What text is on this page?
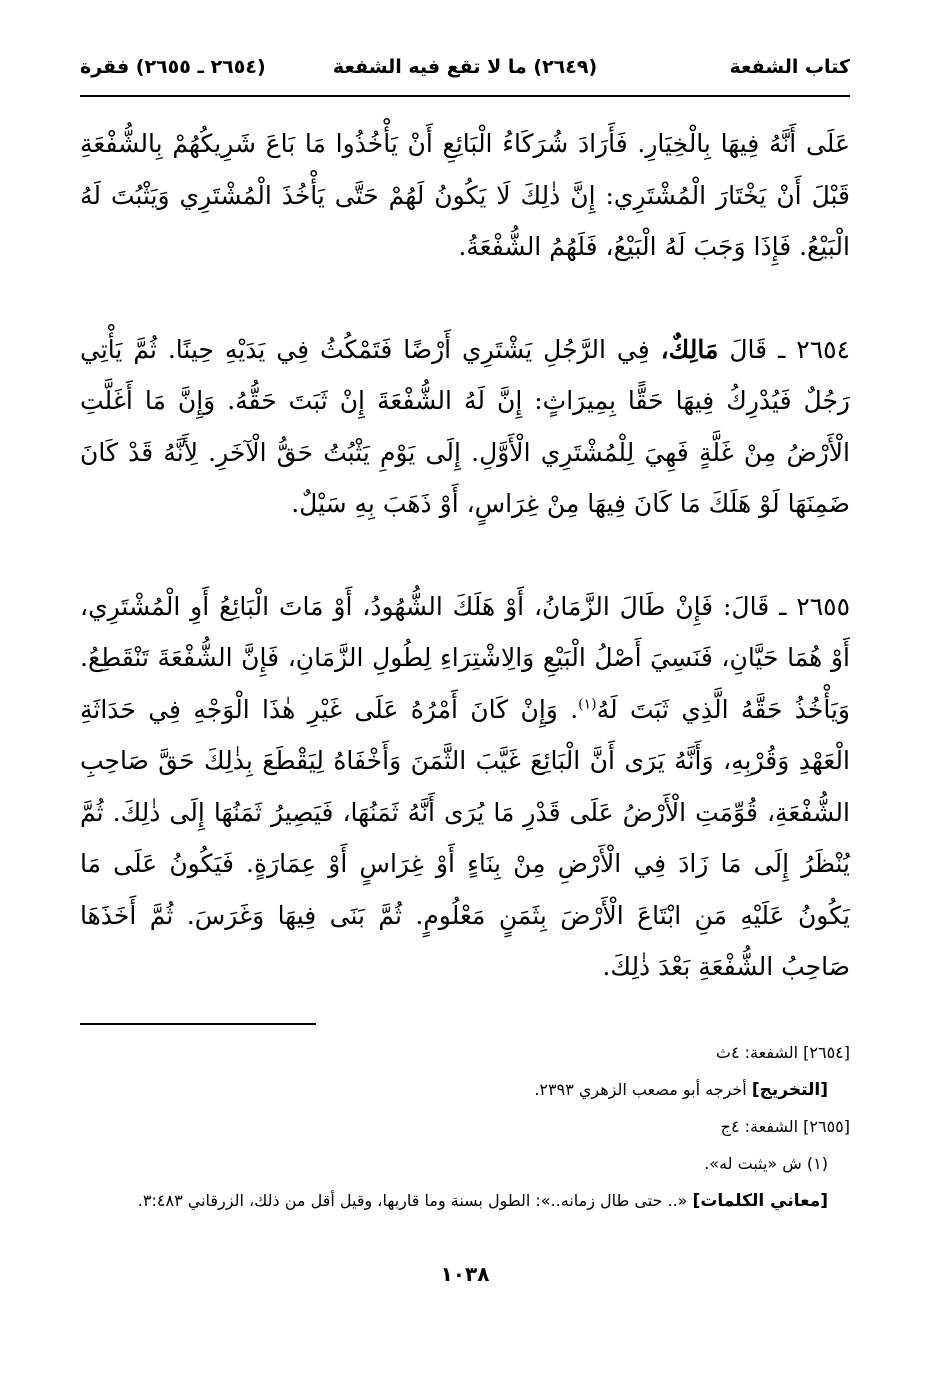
كتاب الشفعة
(٢٦٤٩) ما لا تقع فيه الشفعة
(٢٦٥٤ ـ ٢٦٥٥) فقرة

عَلَى أَنَّهُ فِيهَا بِالْخِيَارِ. فَأَرَادَ شُرَكَاءُ الْبَائِعِ أَنْ يَأْخُذُوا مَا بَاعَ شَرِيكُهُمْ بِالشُّفْعَةِ قَبْلَ أَنْ يَخْتَارَ الْمُشْتَرِي: إِنَّ ذٰلِكَ لَا يَكُونُ لَهُمْ حَتَّى يَأْخُذَ الْمُشْتَرِي وَيَثْبُتَ لَهُ الْبَيْعُ. فَإِذَا وَجَبَ لَهُ الْبَيْعُ، فَلَهُمُ الشُّفْعَةُ.

٢٦٥٤ ـ قَالَ مَالِكٌ، فِي الرَّجُلِ يَشْتَرِي أَرْضًا فَتَمْكُثُ فِي يَدَيْهِ حِينًا. ثُمَّ يَأْتِي رَجُلٌ فَيُدْرِكُ فِيهَا حَقًّا بِمِيرَاثٍ: إِنَّ لَهُ الشُّفْعَةَ إِنْ ثَبَتَ حَقُّهُ. وَإِنَّ مَا أَغَلَّتِ الْأَرْضُ مِنْ غَلَّةٍ فَهِيَ لِلْمُشْتَرِي الْأَوَّلِ. إِلَى يَوْمِ يَثْبُتُ حَقُّ الْآخَرِ. لِأَنَّهُ قَدْ كَانَ ضَمِنَهَا لَوْ هَلَكَ مَا كَانَ فِيهَا مِنْ غِرَاسٍ، أَوْ ذَهَبَ بِهِ سَيْلٌ.

٢٦٥٥ ـ قَالَ: فَإِنْ طَالَ الزَّمَانُ، أَوْ هَلَكَ الشُّهُودُ، أَوْ مَاتَ الْبَائِعُ أَوِ الْمُشْتَرِي، أَوْ هُمَا حَيَّانِ، فَنَسِيَ أَصْلُ الْبَيْعِ وَالِاشْتِرَاءِ لِطُولِ الزَّمَانِ، فَإِنَّ الشُّفْعَةَ تَنْقَطِعُ. وَيَأْخُذُ حَقَّهُ الَّذِي ثَبَتَ لَهُ$^{(١)}$. وَإِنْ كَانَ أَمْرُهُ عَلَى غَيْرِ هٰذَا الْوَجْهِ فِي حَدَاثَةِ الْعَهْدِ وَقُرْبِهِ، وَأَنَّهُ يَرَى أَنَّ الْبَائِعَ غَيَّبَ الثَّمَنَ وَأَخْفَاهُ لِيَقْطَعَ بِذٰلِكَ حَقَّ صَاحِبِ الشُّفْعَةِ، قُوِّمَتِ الْأَرْضُ عَلَى قَدْرِ مَا يُرَى أَنَّهُ ثَمَنُهَا، فَيَصِيرُ ثَمَنُهَا إِلَى ذٰلِكَ. ثُمَّ يُنْظَرُ إِلَى مَا زَادَ فِي الْأَرْضِ مِنْ بِنَاءٍ أَوْ غِرَاسٍ أَوْ عِمَارَةٍ. فَيَكُونُ عَلَى مَا يَكُونُ عَلَيْهِ مَنِ ابْتَاعَ الْأَرْضَ بِثَمَنٍ مَعْلُومٍ. ثُمَّ بَنَى فِيهَا وَغَرَسَ. ثُمَّ أَخَذَهَا صَاحِبُ الشُّفْعَةِ بَعْدَ ذٰلِكَ.

[٢٦٥٤] الشفعة: ٤ث

[التخريج] أخرجه أبو مصعب الزهري ٢٣٩٣.

[٢٦٥٥] الشفعة: ٤ج

(١) ش «يثبت له».

[معاني الكلمات] «.. حتى طال زمانه..»: الطول بسنة وما قاربها، وقيل أقل من ذلك، الزرقاني ٣:٤٨٣.

١٠٣٨
